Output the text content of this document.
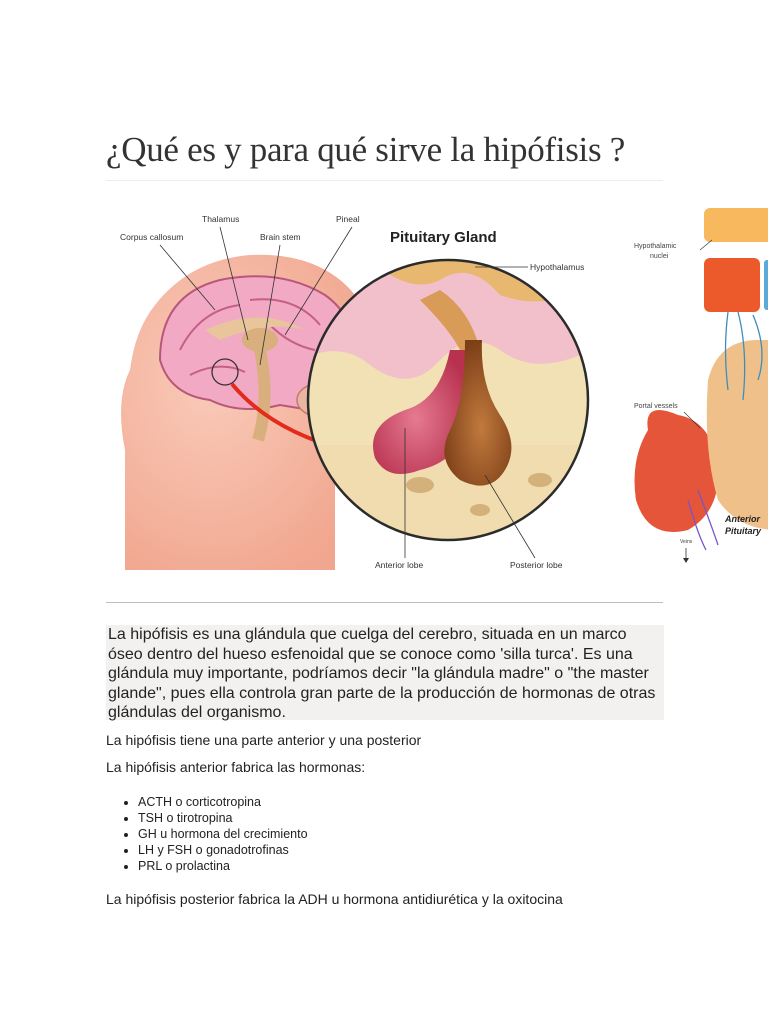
¿Qué es y para qué sirve la hipófisis ?
Corpus callosum
Thalamus
Brain stem
Pineal
Pituitary Gland
Hypothalamus
Anterior lobe	Posterior lobe
Hypothalamic
nuclei
Portal vessels
Anterior
Pituitary
Veins

La hipófisis es una glándula que cuelga del cerebro, situada en un marco óseo dentro del hueso esfenoidal que se conoce como 'silla turca'. Es una glándula muy importante, podríamos decir "la glándula madre" o "the master glande", pues ella controla gran parte de la producción de hormonas de otras glándulas del organismo.

La hipófisis tiene una parte anterior y una posterior

La hipófisis anterior fabrica las hormonas:

• ACTH o corticotropina
• TSH o tirotropina
• GH u hormona del crecimiento
• LH y FSH o gonadotrofinas
• PRL o prolactina

La hipófisis posterior fabrica la ADH u hormona antidiurética y la oxitocina
